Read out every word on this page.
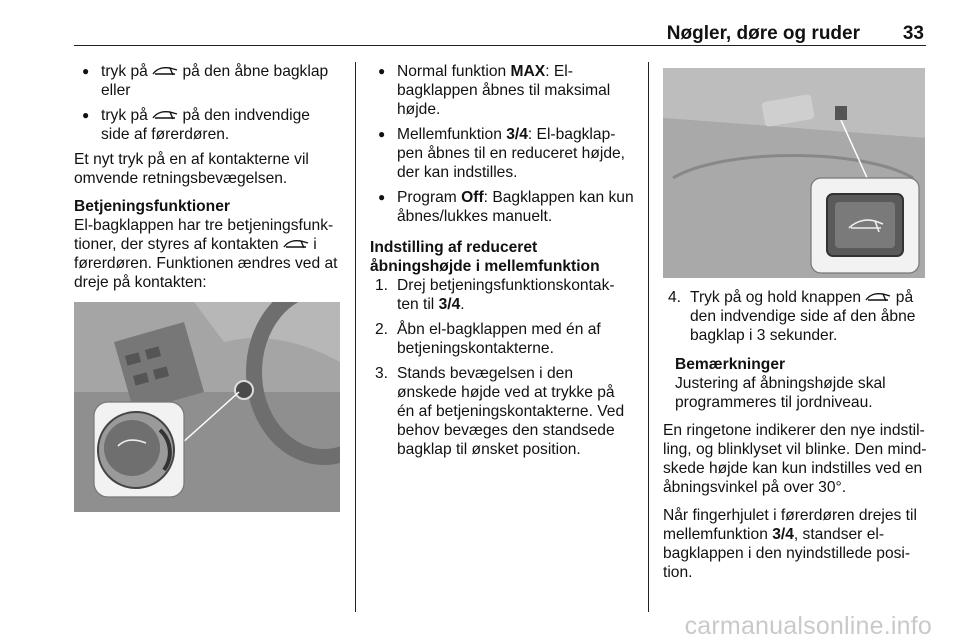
Nøgler, døre og ruder 33
● tryk på på den åbne bagklap eller
● tryk på på den indvendige side af førerdøren.

Et nyt tryk på en af kontakterne vil omvende retningsbevægelsen.

Betjeningsfunktioner

El-bagklappen har tre betjeningsfunk-tioner, der styres af kontakten i førerdøren. Funktionen ændres ved at dreje på kontakten:

● Normal funktion MAX: El-bagklappen åbnes til maksimal højde.
● Mellemfunktion 3/4: El-bagklap-pen åbnes til en reduceret højde, der kan indstilles.
● Program Off: Bagklappen kan kun åbnes/lukkes manuelt.
Indstilling af reduceret åbningshøjde i mellemfunktion
1. Drej betjeningsfunktionskontak-ten til 3/4.
2. Åbn el-bagklappen med én af betjeningskontakterne.
3. Stands bevægelsen i den ønskede højde ved at trykke på én af betjeningskontakterne. Ved behov bevæges den standsede bagklap til ønsket position.
4. Tryk på og hold knappen på den indvendige side af den åbne bagklap i 3 sekunder.
Bemærkninger
Justering af åbningshøjde skal programmeres til jordniveau.

En ringetone indikerer den nye indstil-ling, og blinklyset vil blinke. Den mind-skede højde kan kun indstilles ved en åbningsvinkel på over 30°.

Når fingerhjulet i førerdøren drejes til mellemfunktion 3/4, standser el-bagklappen i den nyindstillede posi-tion.

carmanualsonline.info
